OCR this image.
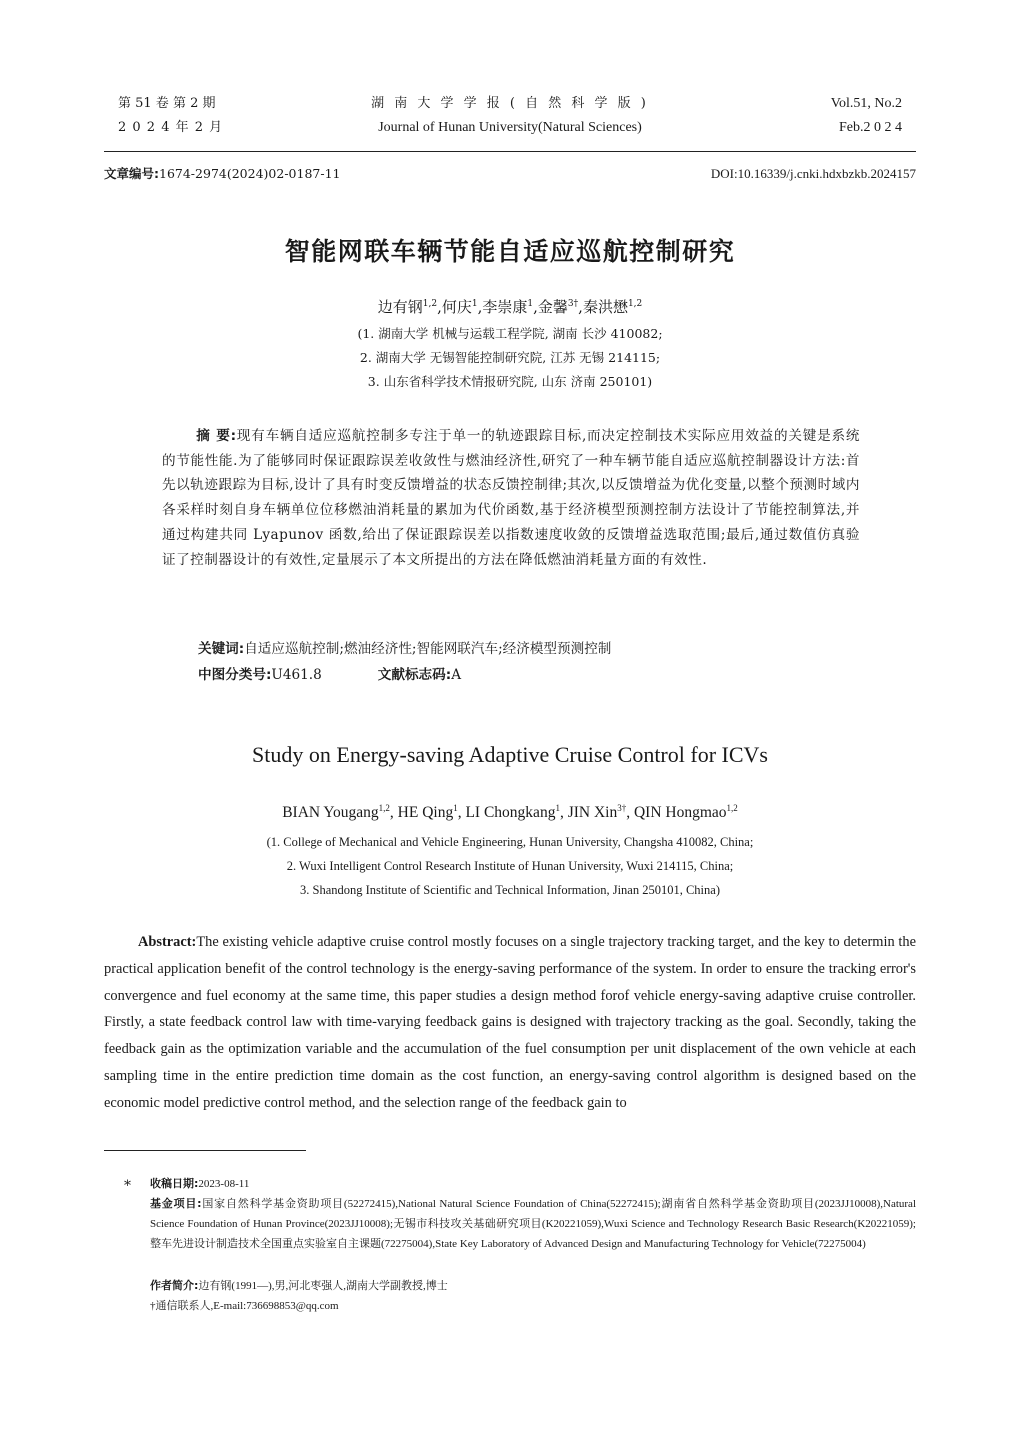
第 51 卷 第 2 期
2 0 2 4 年 2 月
湖 南 大 学 学 报 ( 自 然 科 学 版 )
Journal of Hunan University(Natural Sciences)
Vol.51, No.2
Feb.2 0 2 4
文章编号:1674-2974(2024)02-0187-11	DOI:10.16339/j.cnki.hdxbzkb.2024157
智能网联车辆节能自适应巡航控制研究
边有钢$^{1,2}$,何庆$^1$,李崇康$^1$,金馨$^{3\dagger}$,秦洪懋$^{1,2}$
(1. 湖南大学 机械与运载工程学院, 湖南 长沙 410082;
2. 湖南大学 无锡智能控制研究院, 江苏 无锡 214115;
3. 山东省科学技术情报研究院, 山东 济南 250101)
摘 要:现有车辆自适应巡航控制多专注于单一的轨迹跟踪目标,而决定控制技术实际应用效益的关键是系统的节能性能.为了能够同时保证跟踪误差收敛性与燃油经济性,研究了一种车辆节能自适应巡航控制器设计方法:首先以轨迹跟踪为目标,设计了具有时变反馈增益的状态反馈控制律;其次,以反馈增益为优化变量,以整个预测时域内各采样时刻自身车辆单位位移燃油消耗量的累加为代价函数,基于经济模型预测控制方法设计了节能控制算法,并通过构建共同 Lyapunov 函数,给出了保证跟踪误差以指数速度收敛的反馈增益选取范围;最后,通过数值仿真验证了控制器设计的有效性,定量展示了本文所提出的方法在降低燃油消耗量方面的有效性.
关键词:自适应巡航控制;燃油经济性;智能网联汽车;经济模型预测控制
中图分类号:U461.8	文献标志码:A
Study on Energy-saving Adaptive Cruise Control for ICVs
BIAN Yougang$^{1,2}$, HE Qing$^1$, LI Chongkang$^1$, JIN Xin$^{3\dagger}$, QIN Hongmao$^{1,2}$
(1. College of Mechanical and Vehicle Engineering, Hunan University, Changsha 410082, China;
2. Wuxi Intelligent Control Research Institute of Hunan University, Wuxi 214115, China;
3. Shandong Institute of Scientific and Technical Information, Jinan 250101, China)
Abstract:The existing vehicle adaptive cruise control mostly focuses on a single trajectory tracking target, and the key to determin the practical application benefit of the control technology is the energy-saving performance of the system. In order to ensure the tracking error's convergence and fuel economy at the same time, this paper studies a design method forof vehicle energy-saving adaptive cruise controller. Firstly, a state feedback control law with time-varying feedback gains is designed with trajectory tracking as the goal. Secondly, taking the feedback gain as the optimization variable and the accumulation of the fuel consumption per unit displacement of the own vehicle at each sampling time in the entire prediction time domain as the cost function, an energy-saving control algorithm is designed based on the economic model predictive control method, and the selection range of the feedback gain to
* 收稿日期:2023-08-11
基金项目:国家自然科学基金资助项目(52272415),National Natural Science Foundation of China(52272415);湖南省自然科学基金资助项目(2023JJ10008),Natural Science Foundation of Hunan Province(2023JJ10008);无锡市科技攻关基础研究项目(K20221059),Wuxi Science and Technology Research Basic Research(K20221059);整车先进设计制造技术全国重点实验室自主课题(72275004),State Key Laboratory of Advanced Design and Manufacturing Technology for Vehicle(72275004)
作者简介:边有钢(1991—),男,河北枣强人,湖南大学副教授,博士
†通信联系人,E-mail:736698853@qq.com
